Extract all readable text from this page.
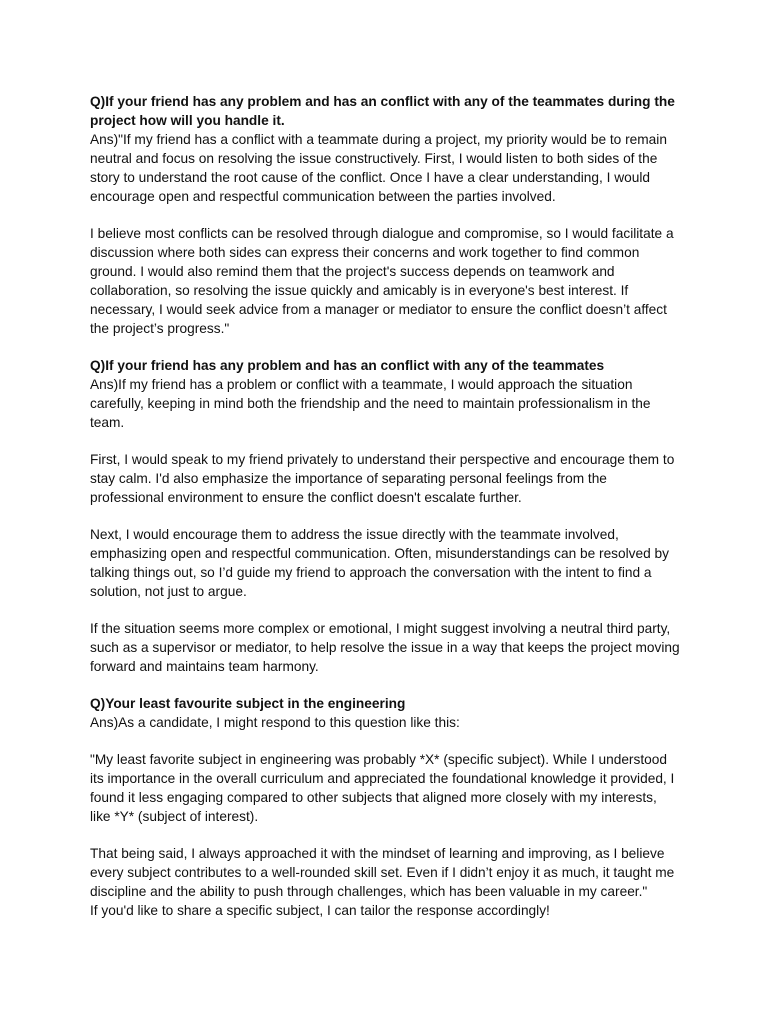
Q)If your friend has any problem and has an conflict with any of the teammates during the project how will you handle it.

Ans)"If my friend has a conflict with a teammate during a project, my priority would be to remain neutral and focus on resolving the issue constructively. First, I would listen to both sides of the story to understand the root cause of the conflict. Once I have a clear understanding, I would encourage open and respectful communication between the parties involved.

I believe most conflicts can be resolved through dialogue and compromise, so I would facilitate a discussion where both sides can express their concerns and work together to find common ground. I would also remind them that the project's success depends on teamwork and collaboration, so resolving the issue quickly and amicably is in everyone's best interest. If necessary, I would seek advice from a manager or mediator to ensure the conflict doesn’t affect the project’s progress."

Q)If your friend has any problem and has an conflict with any of the teammates

Ans)If my friend has a problem or conflict with a teammate, I would approach the situation carefully, keeping in mind both the friendship and the need to maintain professionalism in the team.

First, I would speak to my friend privately to understand their perspective and encourage them to stay calm. I'd also emphasize the importance of separating personal feelings from the professional environment to ensure the conflict doesn't escalate further.

Next, I would encourage them to address the issue directly with the teammate involved, emphasizing open and respectful communication. Often, misunderstandings can be resolved by talking things out, so I’d guide my friend to approach the conversation with the intent to find a solution, not just to argue.

If the situation seems more complex or emotional, I might suggest involving a neutral third party, such as a supervisor or mediator, to help resolve the issue in a way that keeps the project moving forward and maintains team harmony.

Q)Your least favourite subject in the engineering

Ans)As a candidate, I might respond to this question like this:

"My least favorite subject in engineering was probably *X* (specific subject). While I understood its importance in the overall curriculum and appreciated the foundational knowledge it provided, I found it less engaging compared to other subjects that aligned more closely with my interests, like *Y* (subject of interest).

That being said, I always approached it with the mindset of learning and improving, as I believe every subject contributes to a well-rounded skill set. Even if I didn’t enjoy it as much, it taught me discipline and the ability to push through challenges, which has been valuable in my career."
If you'd like to share a specific subject, I can tailor the response accordingly!
